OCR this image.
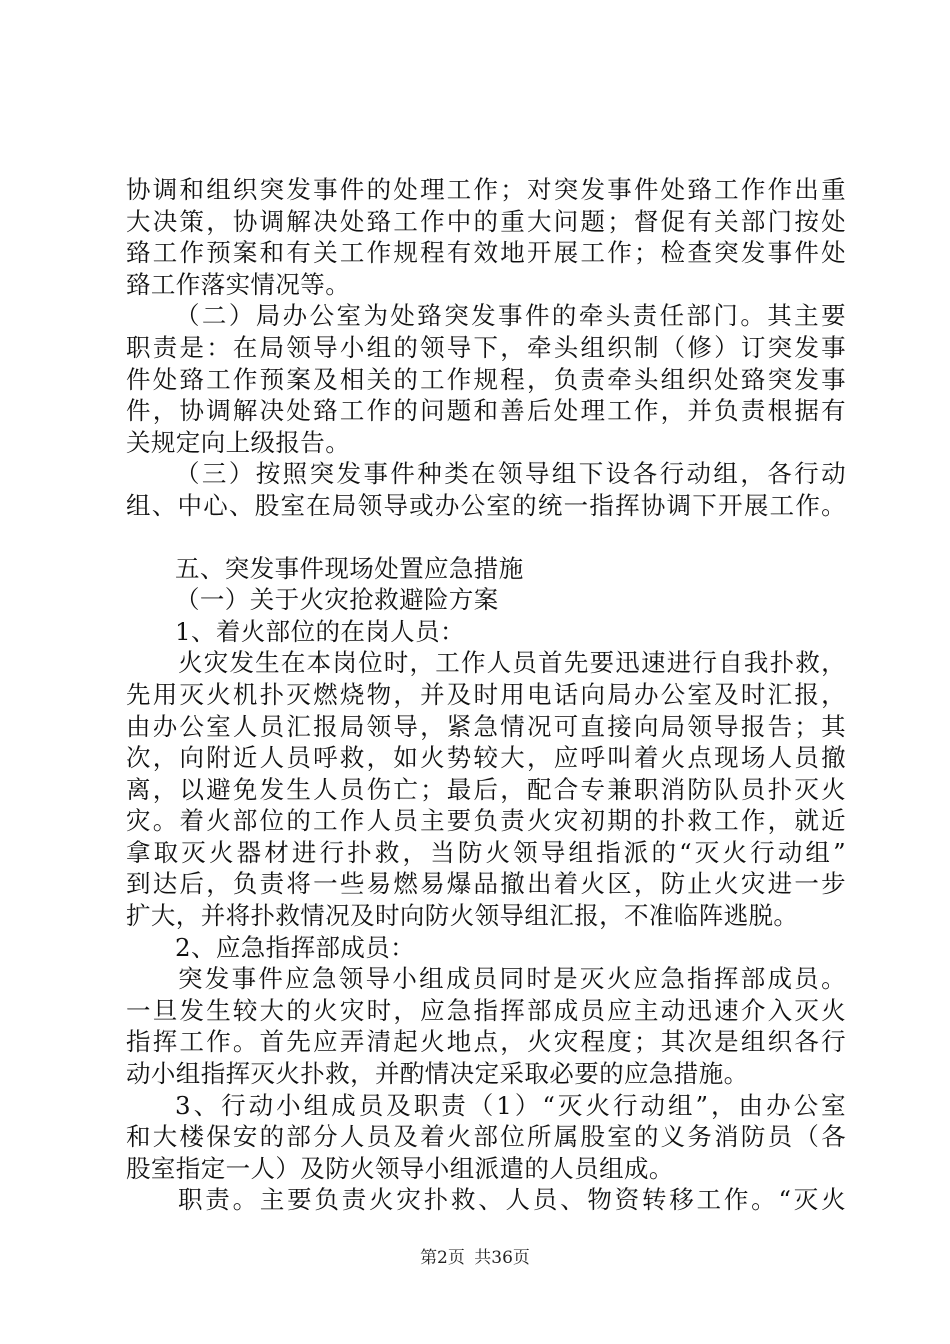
协调和组织突发事件的处理工作；对突发事件处臵工作作出重
大决策，协调解决处臵工作中的重大问题；督促有关部门按处
臵工作预案和有关工作规程有效地开展工作；检查突发事件处
臵工作落实情况等。
（二）局办公室为处臵突发事件的牵头责任部门。其主要
职责是：在局领导小组的领导下，牵头组织制（修）订突发事
件处臵工作预案及相关的工作规程，负责牵头组织处臵突发事
件，协调解决处臵工作的问题和善后处理工作，并负责根据有
关规定向上级报告。
（三）按照突发事件种类在领导组下设各行动组，各行动
组、中心、股室在局领导或办公室的统一指挥协调下开展工作。
五、突发事件现场处置应急措施
（一）关于火灾抢救避险方案
1、着火部位的在岗人员：
火灾发生在本岗位时，工作人员首先要迅速进行自我扑救，
先用灭火机扑灭燃烧物，并及时用电话向局办公室及时汇报，
由办公室人员汇报局领导，紧急情况可直接向局领导报告；其
次，向附近人员呼救，如火势较大，应呼叫着火点现场人员撤
离，以避免发生人员伤亡；最后，配合专兼职消防队员扑灭火
灾。着火部位的工作人员主要负责火灾初期的扑救工作，就近
拿取灭火器材进行扑救，当防火领导组指派的“灭火行动组”
到达后，负责将一些易燃易爆品撤出着火区，防止火灾进一步
扩大，并将扑救情况及时向防火领导组汇报，不准临阵逃脱。
2、应急指挥部成员：
突发事件应急领导小组成员同时是灭火应急指挥部成员。
一旦发生较大的火灾时，应急指挥部成员应主动迅速介入灭火
指挥工作。首先应弄清起火地点，火灾程度；其次是组织各行
动小组指挥灭火扑救，并酌情决定采取必要的应急措施。
3、行动小组成员及职责（1）“灭火行动组”，由办公室
和大楼保安的部分人员及着火部位所属股室的义务消防员（各
股室指定一人）及防火领导小组派遣的人员组成。
职责。主要负责火灾扑救、人员、物资转移工作。“灭火
第2页 共36页
